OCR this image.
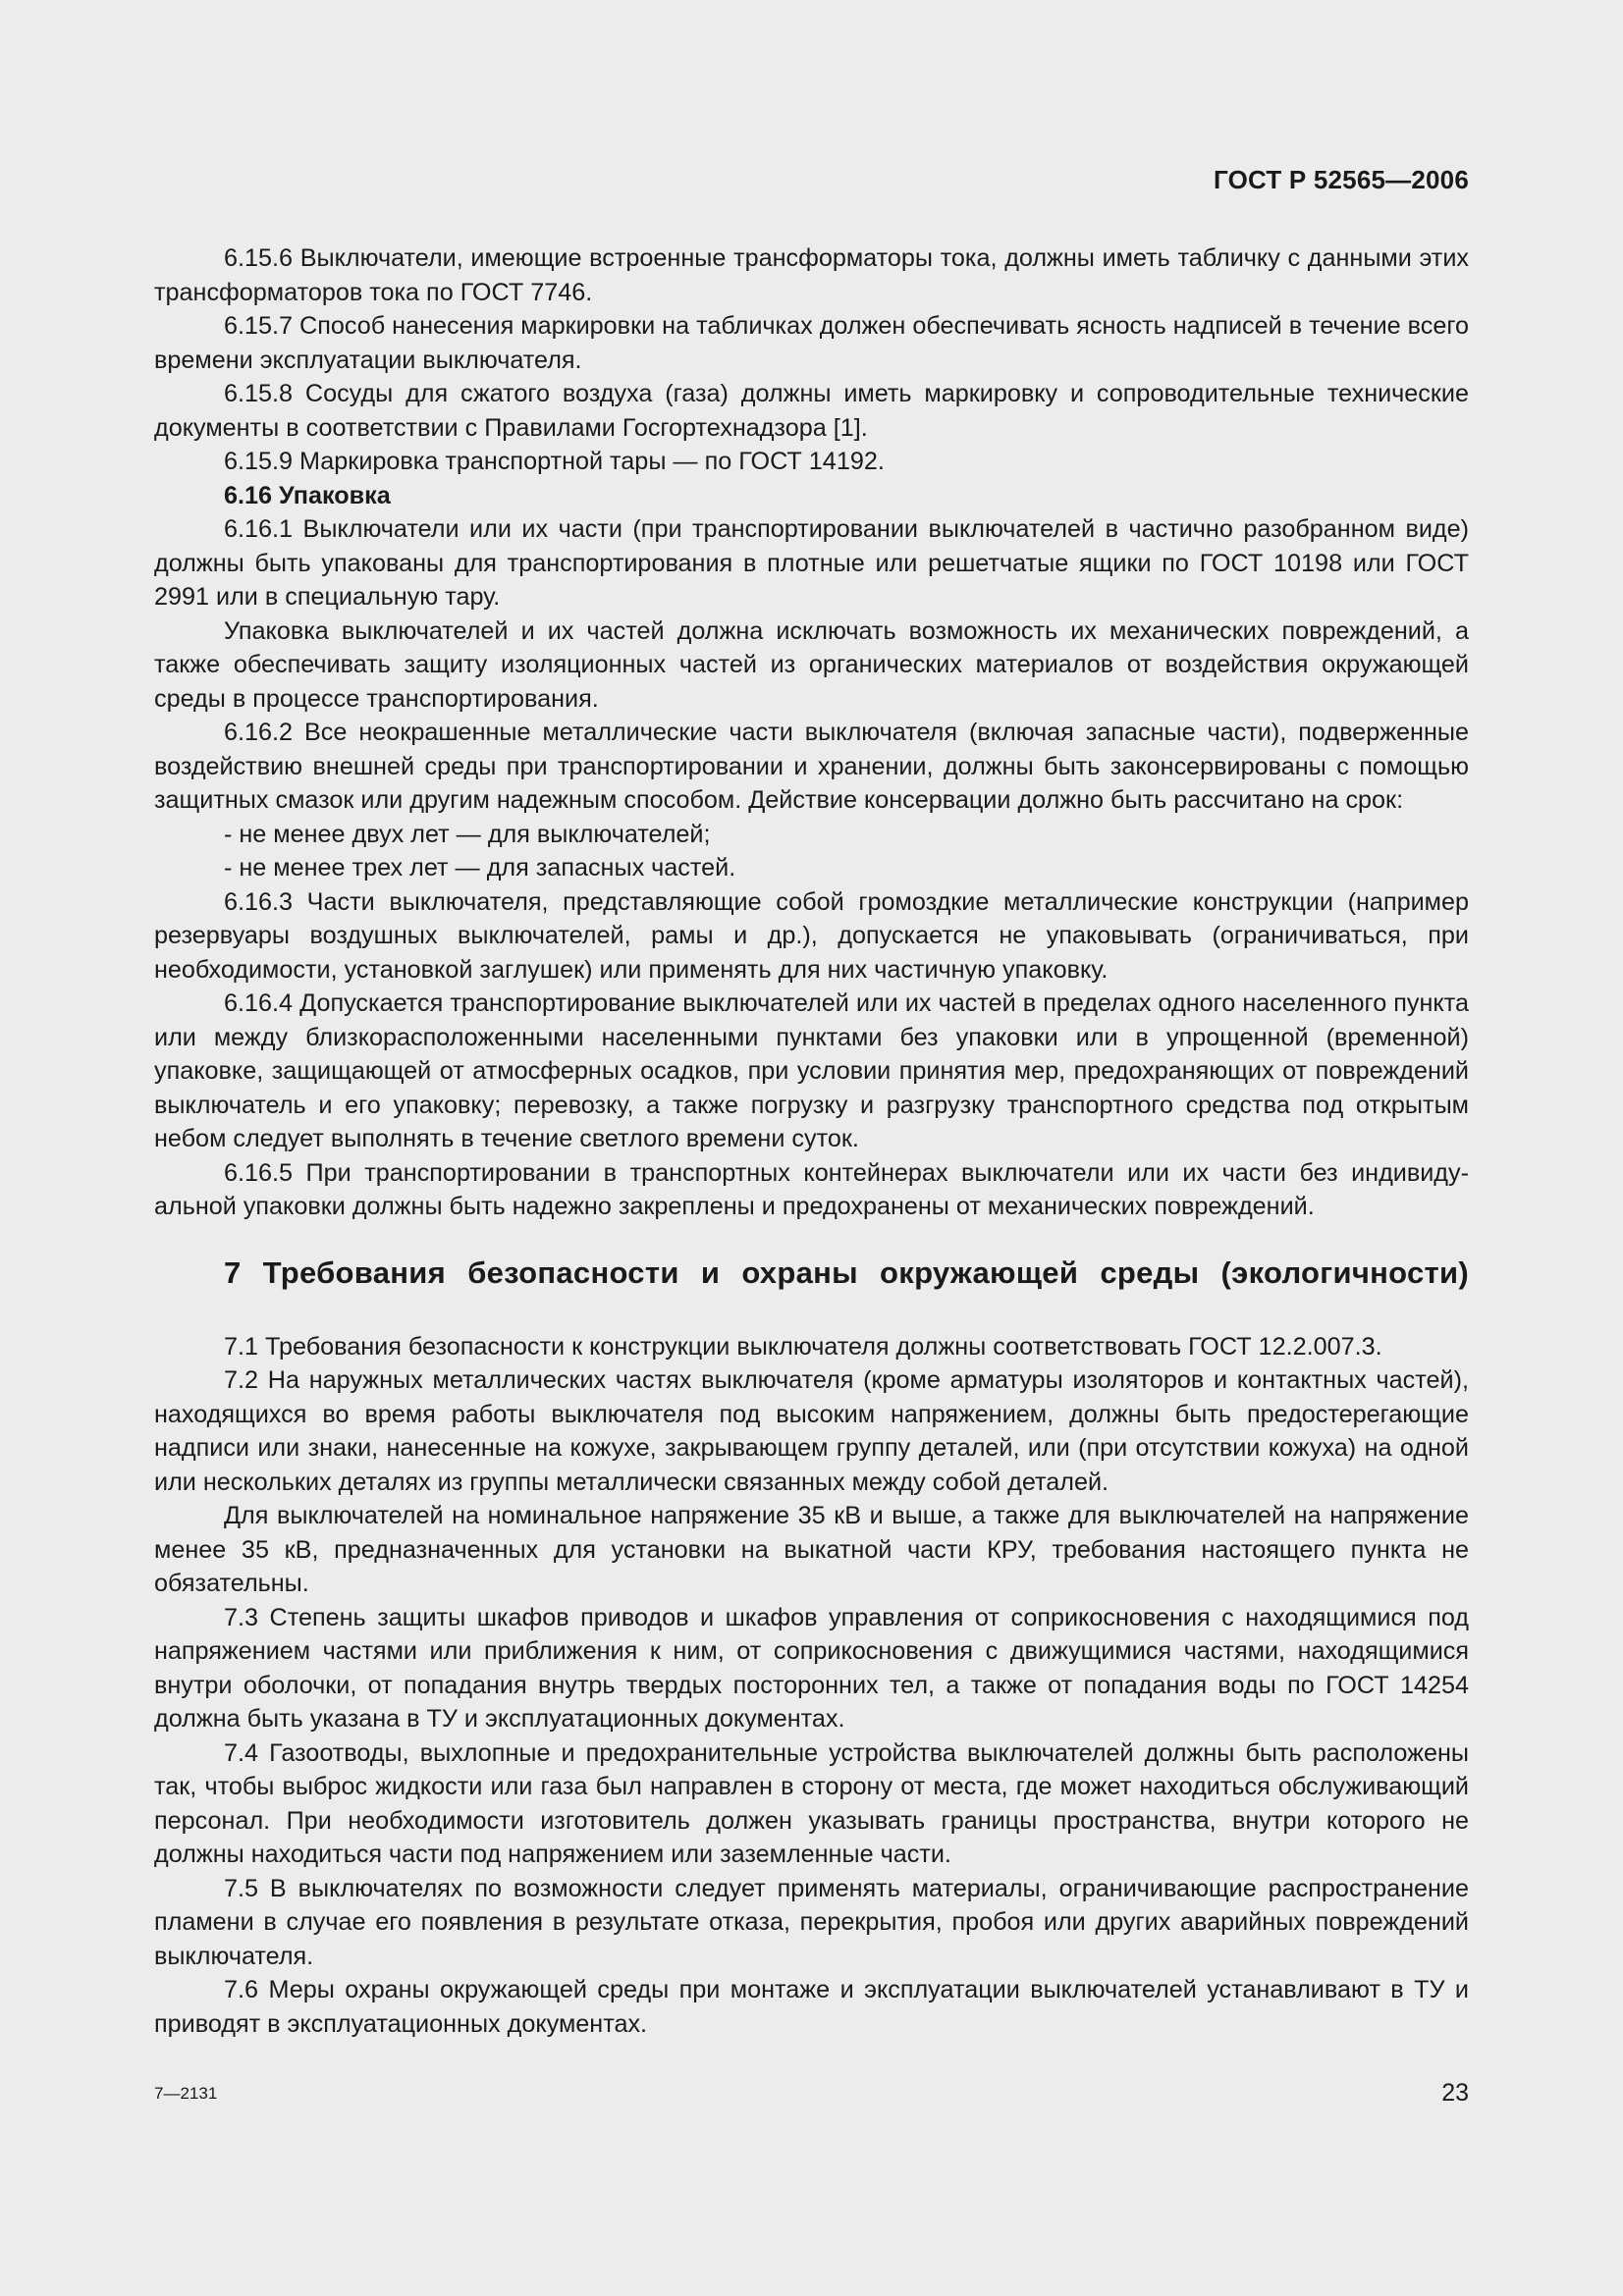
ГОСТ Р 52565—2006

6.15.6 Выключатели, имеющие встроенные трансформаторы тока, должны иметь табличку с данными этих трансформаторов тока по ГОСТ 7746.

6.15.7 Способ нанесения маркировки на табличках должен обеспечивать ясность надписей в течение всего времени эксплуатации выключателя.

6.15.8 Сосуды для сжатого воздуха (газа) должны иметь маркировку и сопроводительные технические документы в соответствии с Правилами Госгортехнадзора [1].

6.15.9 Маркировка транспортной тары — по ГОСТ 14192.

6.16 Упаковка

6.16.1 Выключатели или их части (при транспортировании выключателей в частично разобранном виде) должны быть упакованы для транспортирования в плотные или решетчатые ящики по ГОСТ 10198 или ГОСТ 2991 или в специальную тару.

Упаковка выключателей и их частей должна исключать возможность их механических повреждений, а также обеспечивать защиту изоляционных частей из органических материалов от воздействия окружающей среды в процессе транспортирования.

6.16.2 Все неокрашенные металлические части выключателя (включая запасные части), подверженные воздействию внешней среды при транспортировании и хранении, должны быть законсервированы с помощью защитных смазок или другим надежным способом. Действие консервации должно быть рассчитано на срок:

- не менее двух лет — для выключателей;

- не менее трех лет — для запасных частей.

6.16.3 Части выключателя, представляющие собой громоздкие металлические конструкции (например резервуары воздушных выключателей, рамы и др.), допускается не упаковывать (ограничиваться, при необходимости, установкой заглушек) или применять для них частичную упаковку.

6.16.4 Допускается транспортирование выключателей или их частей в пределах одного населенного пункта или между близкорасположенными населенными пунктами без упаковки или в упрощенной (временной) упаковке, защищающей от атмосферных осадков, при условии принятия мер, предохраняющих от повреждений выключатель и его упаковку; перевозку, а также погрузку и разгрузку транспортного средства под открытым небом следует выполнять в течение светлого времени суток.

6.16.5 При транспортировании в транспортных контейнерах выключатели или их части без индивидуальной упаковки должны быть надежно закреплены и предохранены от механических повреждений.

7 Требования безопасности и охраны окружающей среды (экологичности)

7.1 Требования безопасности к конструкции выключателя должны соответствовать ГОСТ 12.2.007.3.

7.2 На наружных металлических частях выключателя (кроме арматуры изоляторов и контактных частей), находящихся во время работы выключателя под высоким напряжением, должны быть предостерегающие надписи или знаки, нанесенные на кожухе, закрывающем группу деталей, или (при отсутствии кожуха) на одной или нескольких деталях из группы металлически связанных между собой деталей.

Для выключателей на номинальное напряжение 35 кВ и выше, а также для выключателей на напряжение менее 35 кВ, предназначенных для установки на выкатной части КРУ, требования настоящего пункта не обязательны.

7.3 Степень защиты шкафов приводов и шкафов управления от соприкосновения с находящимися под напряжением частями или приближения к ним, от соприкосновения с движущимися частями, находящимися внутри оболочки, от попадания внутрь твердых посторонних тел, а также от попадания воды по ГОСТ 14254 должна быть указана в ТУ и эксплуатационных документах.

7.4 Газоотводы, выхлопные и предохранительные устройства выключателей должны быть расположены так, чтобы выброс жидкости или газа был направлен в сторону от места, где может находиться обслуживающий персонал. При необходимости изготовитель должен указывать границы пространства, внутри которого не должны находиться части под напряжением или заземленные части.

7.5 В выключателях по возможности следует применять материалы, ограничивающие распространение пламени в случае его появления в результате отказа, перекрытия, пробоя или других аварийных повреждений выключателя.

7.6 Меры охраны окружающей среды при монтаже и эксплуатации выключателей устанавливают в ТУ и приводят в эксплуатационных документах.

7—2131	23
